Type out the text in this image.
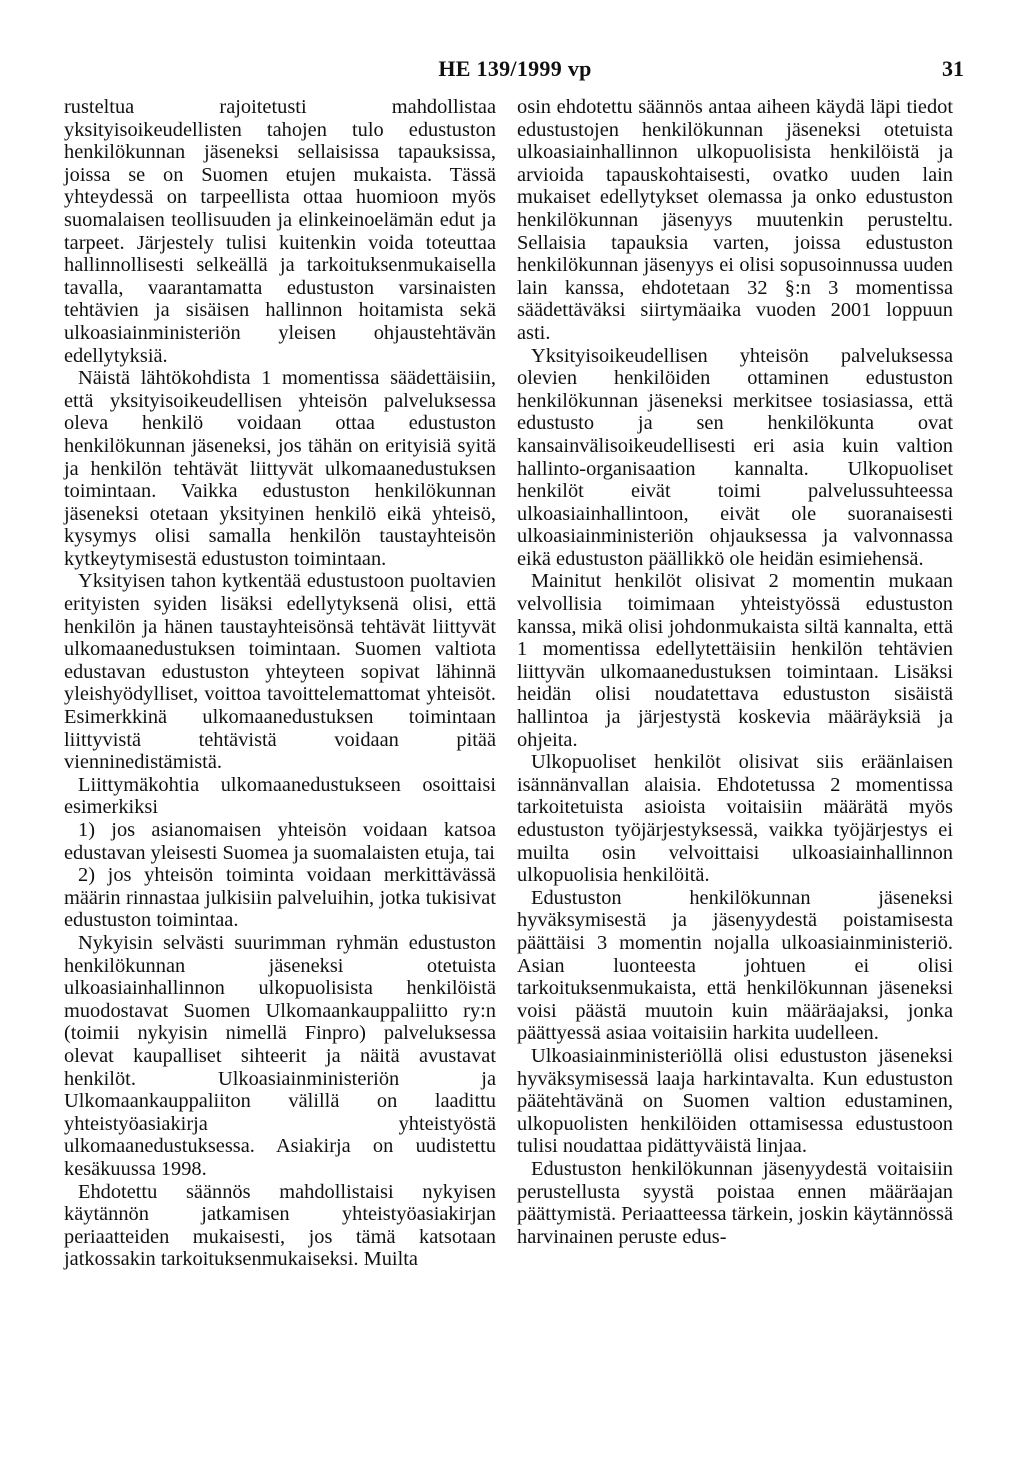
HE 139/1999 vp	31

rusteltua rajoitetusti mahdollistaa yksityisoikeudellisten tahojen tulo edustuston henkilökunnan jäseneksi sellaisissa tapauksissa, joissa se on Suomen etujen mukaista. Tässä yhteydessä on tarpeellista ottaa huomioon myös suomalaisen teollisuuden ja elinkeinoelämän edut ja tarpeet. Järjestely tulisi kuitenkin voida toteuttaa hallinnollisesti selkeällä ja tarkoituksenmukaisella tavalla, vaarantamatta edustuston varsinaisten tehtävien ja sisäisen hallinnon hoitamista sekä ulkoasiainministeriön yleisen ohjaustehtävän edellytyksiä.

Näistä lähtökohdista 1 momentissa säädettäisiin, että yksityisoikeudellisen yhteisön palveluksessa oleva henkilö voidaan ottaa edustuston henkilökunnan jäseneksi, jos tähän on erityisiä syitä ja henkilön tehtävät liittyvät ulkomaanedustuksen toimintaan. Vaikka edustuston henkilökunnan jäseneksi otetaan yksityinen henkilö eikä yhteisö, kysymys olisi samalla henkilön taustayhteisön kytkeytymisestä edustuston toimintaan.

Yksityisen tahon kytkentää edustustoon puoltavien erityisten syiden lisäksi edellytyksenä olisi, että henkilön ja hänen taustayhteisönsä tehtävät liittyvät ulkomaanedustuksen toimintaan. Suomen valtiota edustavan edustuston yhteyteen sopivat lähinnä yleishyödylliset, voittoa tavoittelemattomat yhteisöt. Esimerkkinä ulkomaanedustuksen toimintaan liittyvistä tehtävistä voidaan pitää vienninedistämistä.

Liittymäkohtia ulkomaanedustukseen osoittaisi esimerkiksi

1) jos asianomaisen yhteisön voidaan katsoa edustavan yleisesti Suomea ja suomalaisten etuja, tai

2) jos yhteisön toiminta voidaan merkittävässä määrin rinnastaa julkisiin palveluihin, jotka tukisivat edustuston toimintaa.

Nykyisin selvästi suurimman ryhmän edustuston henkilökunnan jäseneksi otetuista ulkoasiainhallinnon ulkopuolisista henkilöistä muodostavat Suomen Ulkomaankauppaliitto ry:n (toimii nykyisin nimellä Finpro) palveluksessa olevat kaupalliset sihteerit ja näitä avustavat henkilöt. Ulkoasiainministeriön ja Ulkomaankauppaliiton välillä on laadittu yhteistyöasiakirja yhteistyöstä ulkomaanedustuksessa. Asiakirja on uudistettu kesäkuussa 1998.

Ehdotettu säännös mahdollistaisi nykyisen käytännön jatkamisen yhteistyöasiakirjan periaatteiden mukaisesti, jos tämä katsotaan jatkossakin tarkoituksenmukaiseksi. Muilta

osin ehdotettu säännös antaa aiheen käydä läpi tiedot edustustojen henkilökunnan jäseneksi otetuista ulkoasiainhallinnon ulkopuolisista henkilöistä ja arvioida tapauskohtaisesti, ovatko uuden lain mukaiset edellytykset olemassa ja onko edustuston henkilökunnan jäsenyys muutenkin perusteltu. Sellaisia tapauksia varten, joissa edustuston henkilökunnan jäsenyys ei olisi sopusoinnussa uuden lain kanssa, ehdotetaan 32 §:n 3 momentissa säädettäväksi siirtymäaika vuoden 2001 loppuun asti.

Yksityisoikeudellisen yhteisön palveluksessa olevien henkilöiden ottaminen edustuston henkilökunnan jäseneksi merkitsee tosiasiassa, että edustusto ja sen henkilökunta ovat kansainvälisoikeudellisesti eri asia kuin valtion hallinto-organisaation kannalta. Ulkopuoliset henkilöt eivät toimi palvelussuhteessa ulkoasiainhallintoon, eivät ole suoranaisesti ulkoasiainministeriön ohjauksessa ja valvonnassa eikä edustuston päällikkö ole heidän esimiehensä.

Mainitut henkilöt olisivat 2 momentin mukaan velvollisia toimimaan yhteistyössä edustuston kanssa, mikä olisi johdonmukaista siltä kannalta, että 1 momentissa edellytettäisiin henkilön tehtävien liittyvän ulkomaanedustuksen toimintaan. Lisäksi heidän olisi noudatettava edustuston sisäistä hallintoa ja järjestystä koskevia määräyksiä ja ohjeita.

Ulkopuoliset henkilöt olisivat siis eräänlaisen isännänvallan alaisia. Ehdotetussa 2 momentissa tarkoitetuista asioista voitaisiin määrätä myös edustuston työjärjestyksessä, vaikka työjärjestys ei muilta osin velvoittaisi ulkoasiainhallinnon ulkopuolisia henkilöitä.

Edustuston henkilökunnan jäseneksi hyväksymisestä ja jäsenyydestä poistamisesta päättäisi 3 momentin nojalla ulkoasiainministeriö. Asian luonteesta johtuen ei olisi tarkoituksenmukaista, että henkilökunnan jäseneksi voisi päästä muutoin kuin määräajaksi, jonka päättyessä asiaa voitaisiin harkita uudelleen.

Ulkoasiainministeriöllä olisi edustuston jäseneksi hyväksymisessä laaja harkintavalta. Kun edustuston päätehtävänä on Suomen valtion edustaminen, ulkopuolisten henkilöiden ottamisessa edustustoon tulisi noudattaa pidättyväistä linjaa.

Edustuston henkilökunnan jäsenyydestä voitaisiin perustellusta syystä poistaa ennen määräajan päättymistä. Periaatteessa tärkein, joskin käytännössä harvinainen peruste edus-
